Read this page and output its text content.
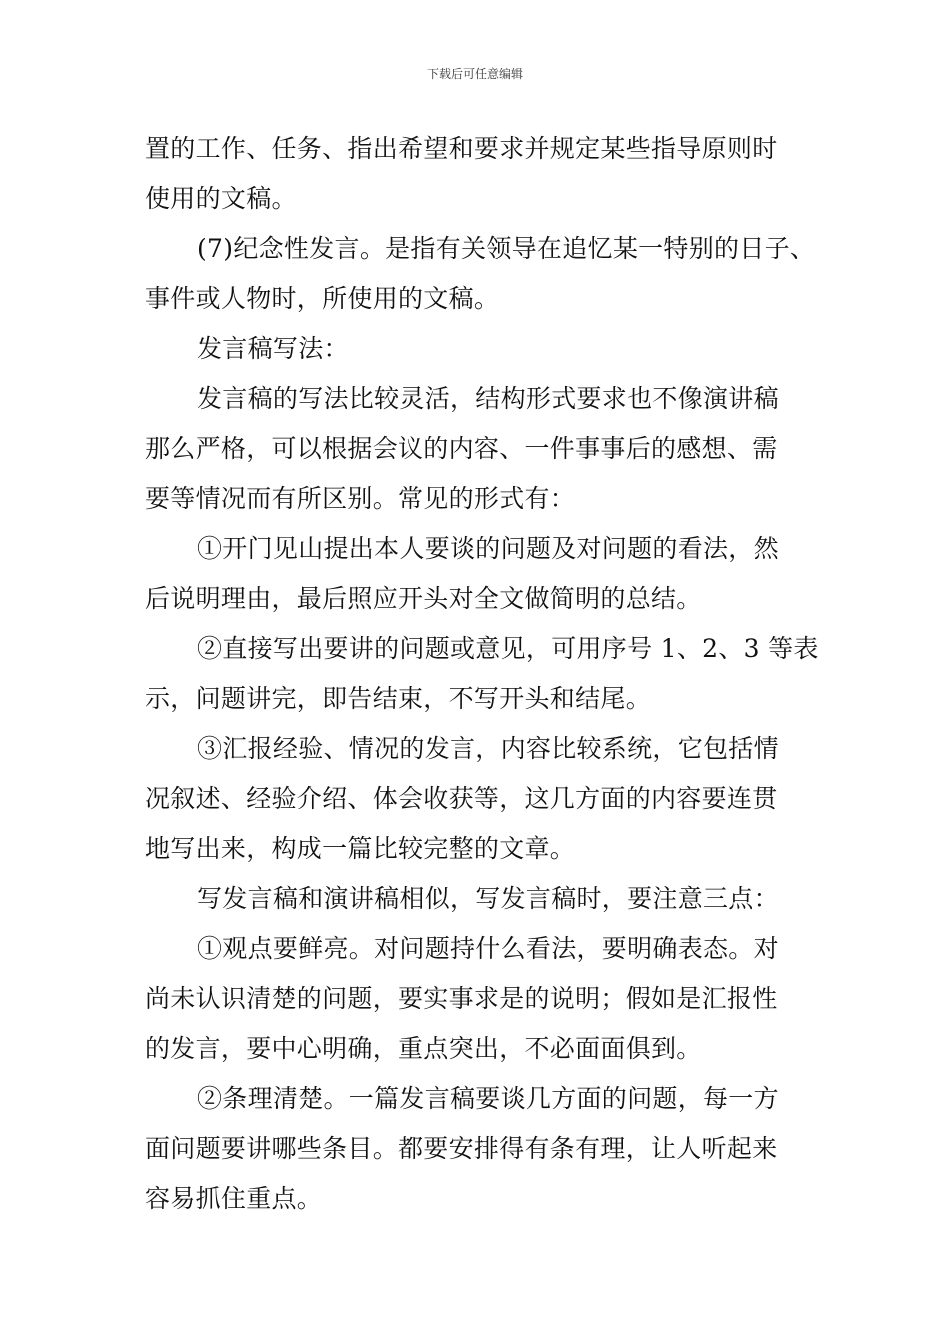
下载后可任意编辑

置的工作、任务、指出希望和要求并规定某些指导原则时
使用的文稿。

(7)纪念性发言。是指有关领导在追忆某一特别的日子、
事件或人物时，所使用的文稿。

发言稿写法：

发言稿的写法比较灵活，结构形式要求也不像演讲稿
那么严格，可以根据会议的内容、一件事事后的感想、需
要等情况而有所区别。常见的形式有：

①开门见山提出本人要谈的问题及对问题的看法，然
后说明理由，最后照应开头对全文做简明的总结。

②直接写出要讲的问题或意见，可用序号 1、2、3 等表
示，问题讲完，即告结束，不写开头和结尾。

③汇报经验、情况的发言，内容比较系统，它包括情
况叙述、经验介绍、体会收获等，这几方面的内容要连贯
地写出来，构成一篇比较完整的文章。

写发言稿和演讲稿相似，写发言稿时，要注意三点：

①观点要鲜亮。对问题持什么看法，要明确表态。对
尚未认识清楚的问题，要实事求是的说明；假如是汇报性
的发言，要中心明确，重点突出，不必面面俱到。

②条理清楚。一篇发言稿要谈几方面的问题，每一方
面问题要讲哪些条目。都要安排得有条有理，让人听起来
容易抓住重点。
